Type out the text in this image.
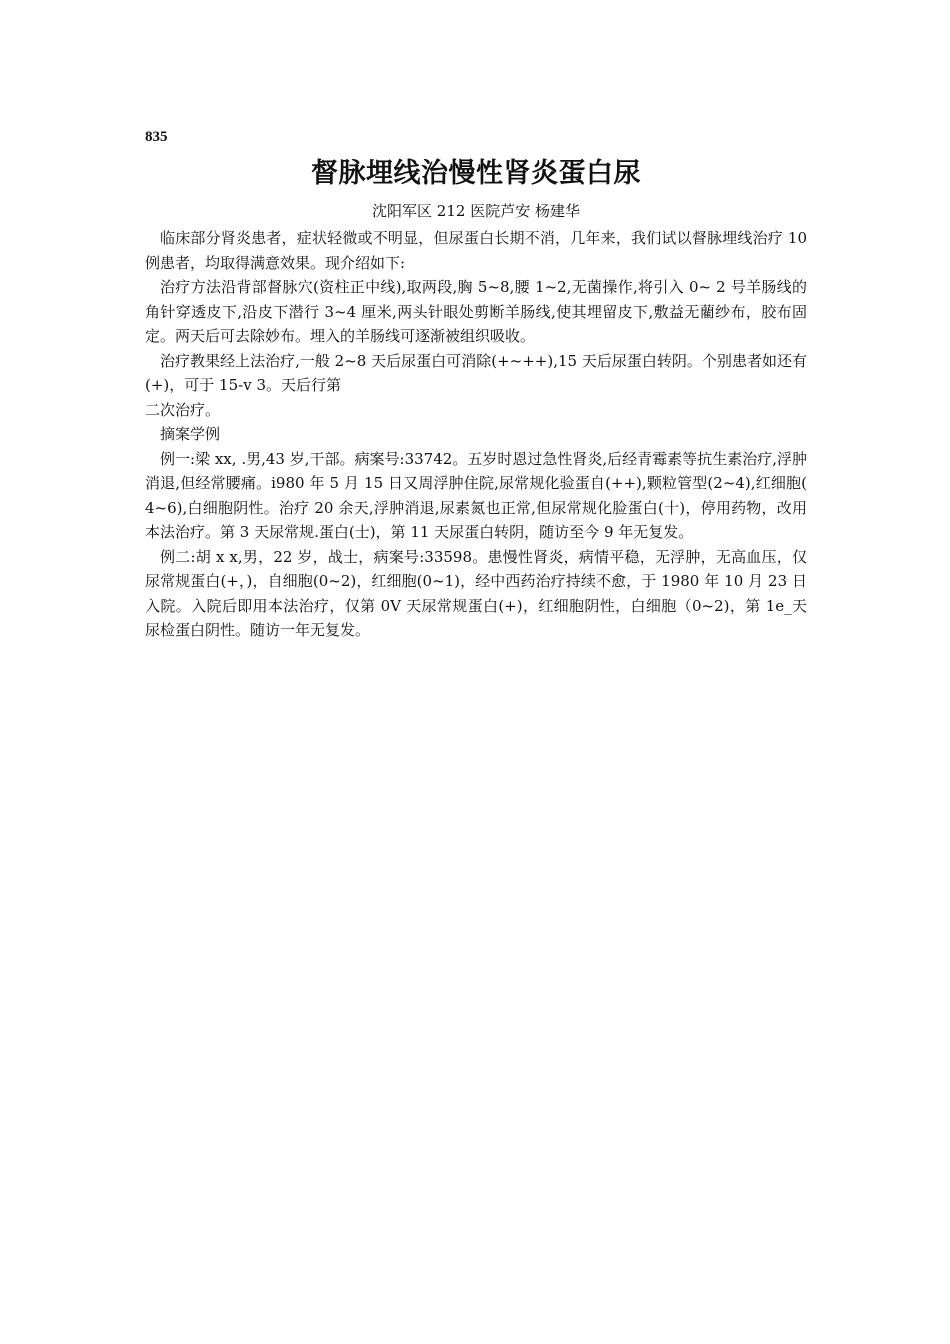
835
督脉埋线治慢性肾炎蛋白尿
沈阳军区 212 医院芦安 杨建华

临床部分肾炎患者，症状轻微或不明显，但尿蛋白长期不消，几年来，我们试以督脉埋线治疗 10 例患者，均取得满意效果。现介绍如下:

治疗方法沿背部督脉穴(资柱正中线),取两段,胸 5~8,腰 1~2,无菌操作,将引入 0~ 2 号羊肠线的角针穿透皮下,沿皮下潜行 3~4 厘米,两头针眼处剪断羊肠线,使其埋留皮下,敷益无藺纱布，胶布固定。两天后可去除妙布。埋入的羊肠线可逐渐被组织吸收。

治疗教果经上法治疗,一般 2~8 天后尿蛋白可消除(+~++),15 天后尿蛋白转阴。个别患者如还有(+)，可于 15-v 3。天后行第

二次治疗。

摘案学例

例一:梁 xx, .男,43 岁,干部。病案号:33742。五岁时恩过急性肾炎,后经青霉素等抗生素治疗,浮肿消退,但经常腰痛。i980 年 5 月 15 日又周浮肿住院,尿常规化验蛋自(++),颗粒管型(2~4),红细胞( 4~6),白细胞阴性。治疗 20 余天,浮肿消退,尿素氮也正常,但尿常规化脸蛋白(十)，停用药物，改用本法治疗。第 3 天尿常规.蛋白(士)，第 11 天尿蛋白转阴，随访至今 9 年无复发。

例二:胡 x x,男，22 岁，战士，病案号:33598。患慢性肾炎，病情平稳，无浮肿，无高血压，仅尿常规蛋白(+，)，自细胞(0~2)，红细胞(0~1)，经中西药治疗持续不愈，于 1980 年 10 月 23 日入院。入院后即用本法治疗，仅第 0V 天尿常规蛋白(+)，红细胞阴性，白细胞（0~2)，第 1e_天尿检蛋白阴性。随访一年无复发。
